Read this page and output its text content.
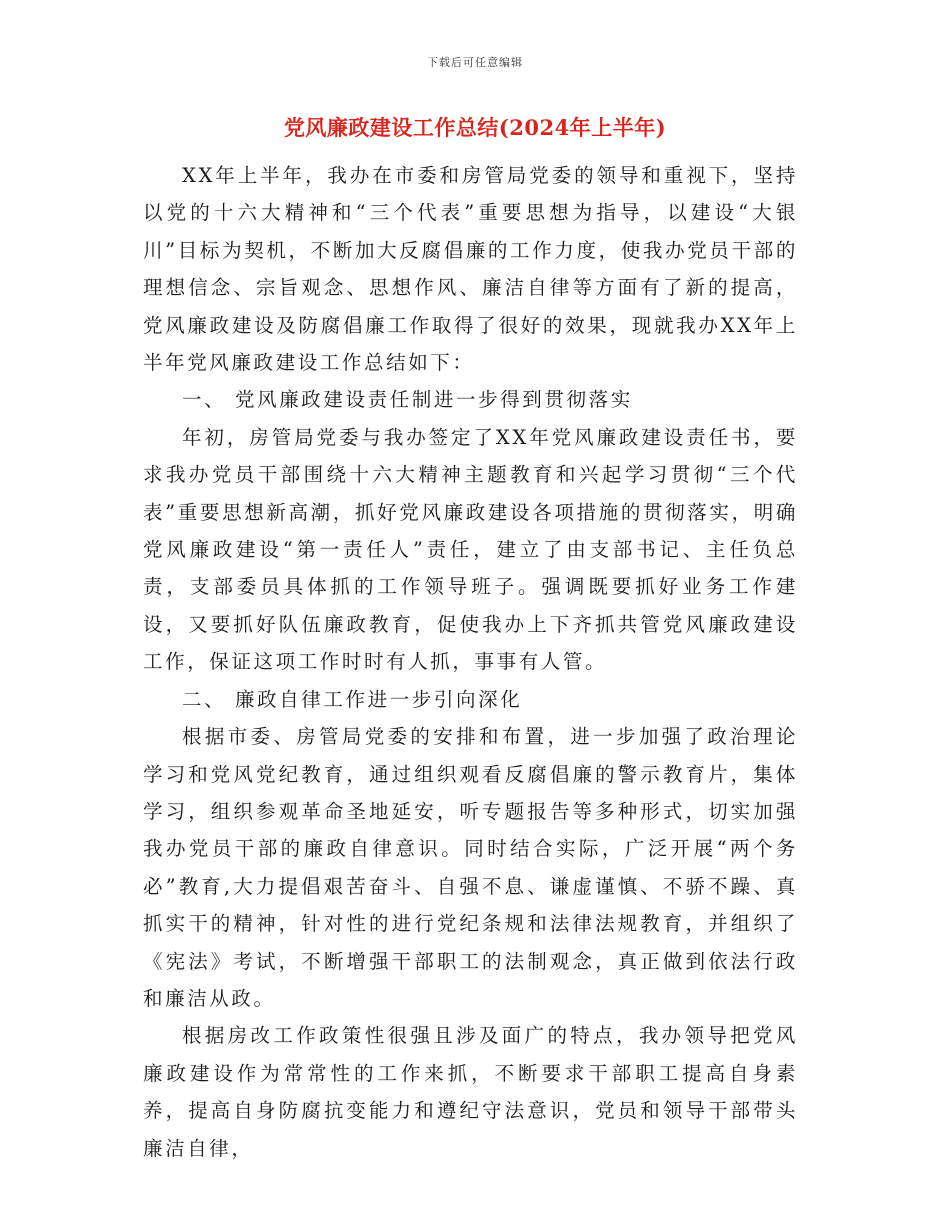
下载后可任意编辑
党风廉政建设工作总结(2024年上半年)

XX年上半年，我办在市委和房管局党委的领导和重视下，坚持以党的十六大精神和“三个代表”重要思想为指导，以建设“大银川”目标为契机，不断加大反腐倡廉的工作力度，使我办党员干部的理想信念、宗旨观念、思想作风、廉洁自律等方面有了新的提高，党风廉政建设及防腐倡廉工作取得了很好的效果，现就我办XX年上半年党风廉政建设工作总结如下：

一、 党风廉政建设责任制进一步得到贯彻落实

年初，房管局党委与我办签定了XX年党风廉政建设责任书，要求我办党员干部围绕十六大精神主题教育和兴起学习贯彻“三个代表”重要思想新高潮，抓好党风廉政建设各项措施的贯彻落实，明确党风廉政建设“第一责任人”责任，建立了由支部书记、主任负总责，支部委员具体抓的工作领导班子。强调既要抓好业务工作建设，又要抓好队伍廉政教育，促使我办上下齐抓共管党风廉政建设工作，保证这项工作时时有人抓，事事有人管。

二、 廉政自律工作进一步引向深化

根据市委、房管局党委的安排和布置，进一步加强了政治理论学习和党风党纪教育，通过组织观看反腐倡廉的警示教育片，集体学习，组织参观革命圣地延安，听专题报告等多种形式，切实加强我办党员干部的廉政自律意识。同时结合实际，广泛开展“两个务必”教育,大力提倡艰苦奋斗、自强不息、谦虚谨慎、不骄不躁、真抓实干的精神，针对性的进行党纪条规和法律法规教育，并组织了《宪法》考试，不断增强干部职工的法制观念，真正做到依法行政和廉洁从政。

根据房改工作政策性很强且涉及面广的特点，我办领导把党风廉政建设作为常常性的工作来抓，不断要求干部职工提高自身素养，提高自身防腐抗变能力和遵纪守法意识，党员和领导干部带头廉洁自律，
